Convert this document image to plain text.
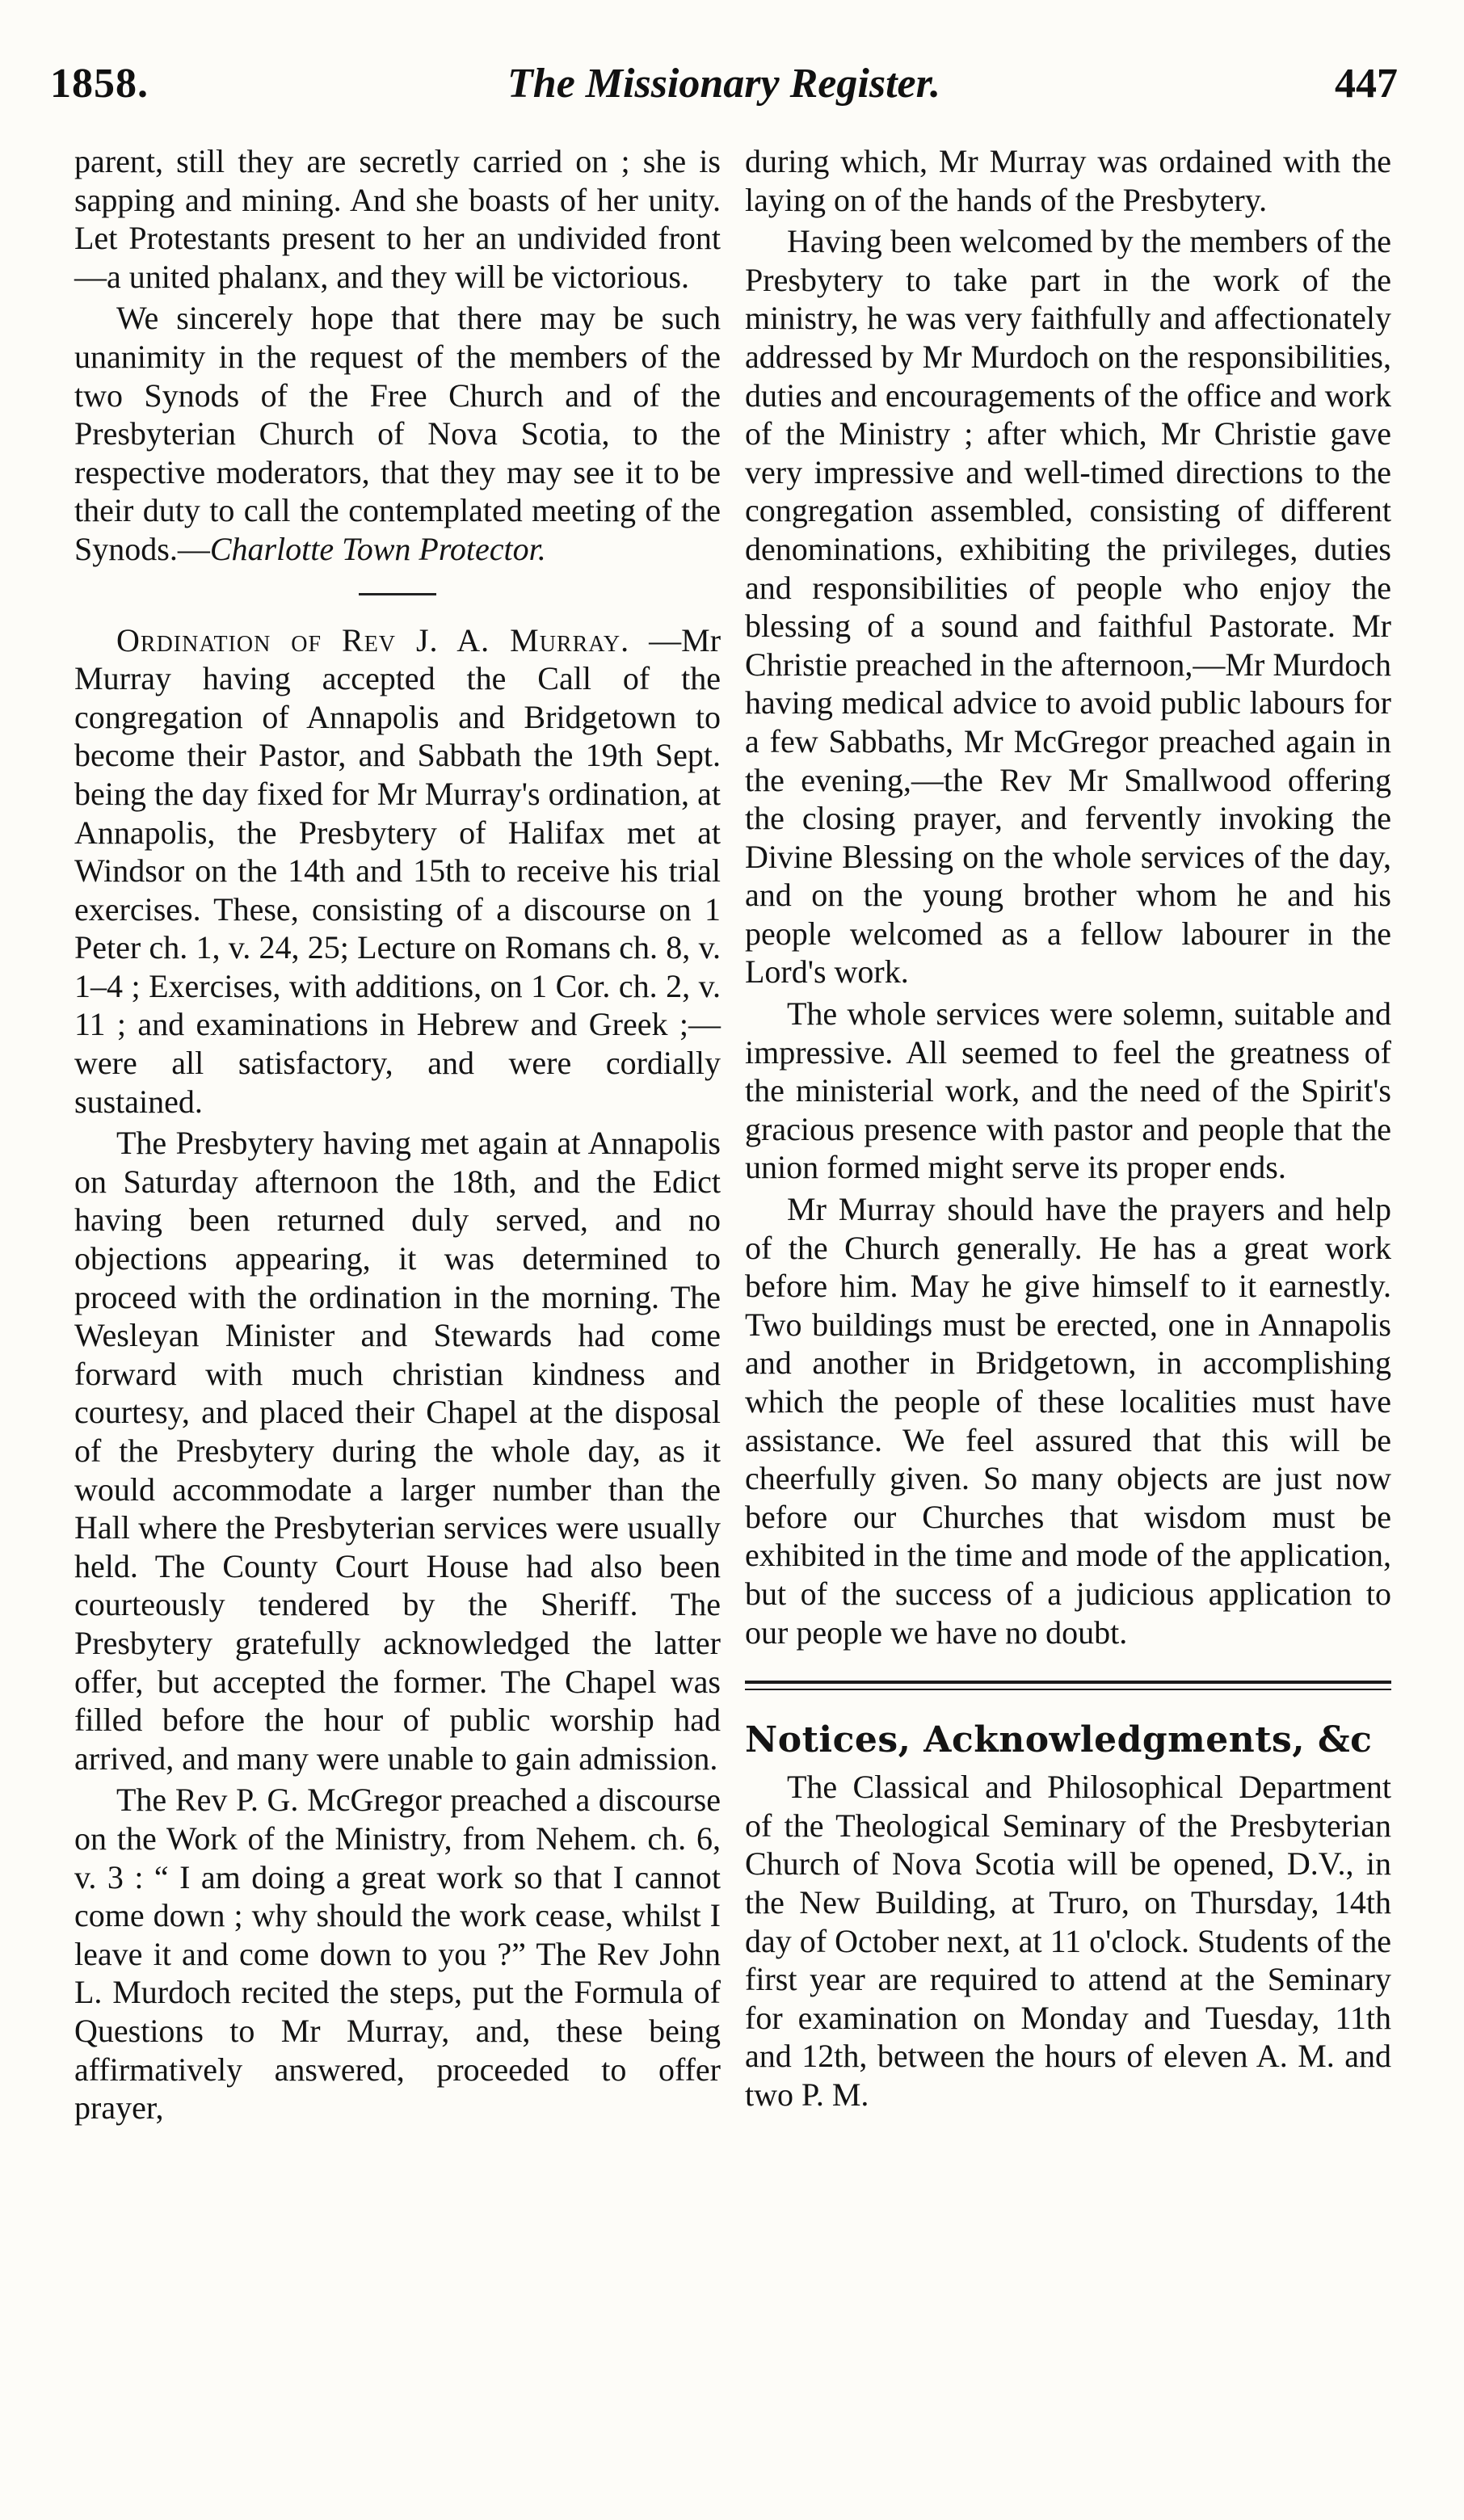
1858.	The Missionary Register.	447

parent, still they are secretly carried on ; she is sapping and mining. And she boasts of her unity. Let Protestants present to her an undivided front—a united phalanx, and they will be victorious.

We sincerely hope that there may be such unanimity in the request of the members of the two Synods of the Free Church and of the Presbyterian Church of Nova Scotia, to the respective moderators, that they may see it to be their duty to call the contemplated meeting of the Synods.—Charlotte Town Protector.

Ordination of Rev J. A. Murray. —Mr Murray having accepted the Call of the congregation of Annapolis and Bridgetown to become their Pastor, and Sabbath the 19th Sept. being the day fixed for Mr Murray's ordination, at Annapolis, the Presbytery of Halifax met at Windsor on the 14th and 15th to receive his trial exercises. These, consisting of a discourse on 1 Peter ch. 1, v. 24, 25; Lecture on Romans ch. 8, v. 1–4 ; Exercises, with additions, on 1 Cor. ch. 2, v. 11 ; and examinations in Hebrew and Greek ;—were all satisfactory, and were cordially sustained.

The Presbytery having met again at Annapolis on Saturday afternoon the 18th, and the Edict having been returned duly served, and no objections appearing, it was determined to proceed with the ordination in the morning. The Wesleyan Minister and Stewards had come forward with much christian kindness and courtesy, and placed their Chapel at the disposal of the Presbytery during the whole day, as it would accommodate a larger number than the Hall where the Presbyterian services were usually held. The County Court House had also been courteously tendered by the Sheriff. The Presbytery gratefully acknowledged the latter offer, but accepted the former. The Chapel was filled before the hour of public worship had arrived, and many were unable to gain admission.

The Rev P. G. McGregor preached a discourse on the Work of the Ministry, from Nehem. ch. 6, v. 3 : “ I am doing a great work so that I cannot come down ; why should the work cease, whilst I leave it and come down to you ?” The Rev John L. Murdoch recited the steps, put the Formula of Questions to Mr Murray, and, these being affirmatively answered, proceeded to offer prayer,

during which, Mr Murray was ordained with the laying on of the hands of the Presbytery.

Having been welcomed by the members of the Presbytery to take part in the work of the ministry, he was very faithfully and affectionately addressed by Mr Murdoch on the responsibilities, duties and encouragements of the office and work of the Ministry ; after which, Mr Christie gave very impressive and well-timed directions to the congregation assembled, consisting of different denominations, exhibiting the privileges, duties and responsibilities of people who enjoy the blessing of a sound and faithful Pastorate. Mr Christie preached in the afternoon,—Mr Murdoch having medical advice to avoid public labours for a few Sabbaths, Mr McGregor preached again in the evening,—the Rev Mr Smallwood offering the closing prayer, and fervently invoking the Divine Blessing on the whole services of the day, and on the young brother whom he and his people welcomed as a fellow labourer in the Lord's work.

The whole services were solemn, suitable and impressive. All seemed to feel the greatness of the ministerial work, and the need of the Spirit's gracious presence with pastor and people that the union formed might serve its proper ends.

Mr Murray should have the prayers and help of the Church generally. He has a great work before him. May he give himself to it earnestly. Two buildings must be erected, one in Annapolis and another in Bridgetown, in accomplishing which the people of these localities must have assistance. We feel assured that this will be cheerfully given. So many objects are just now before our Churches that wisdom must be exhibited in the time and mode of the application, but of the success of a judicious application to our people we have no doubt.

Notices, Acknowledgments, &c

The Classical and Philosophical Department of the Theological Seminary of the Presbyterian Church of Nova Scotia will be opened, D.V., in the New Building, at Truro, on Thursday, 14th day of October next, at 11 o'clock. Students of the first year are required to attend at the Seminary for examination on Monday and Tuesday, 11th and 12th, between the hours of eleven A. M. and two P. M.
